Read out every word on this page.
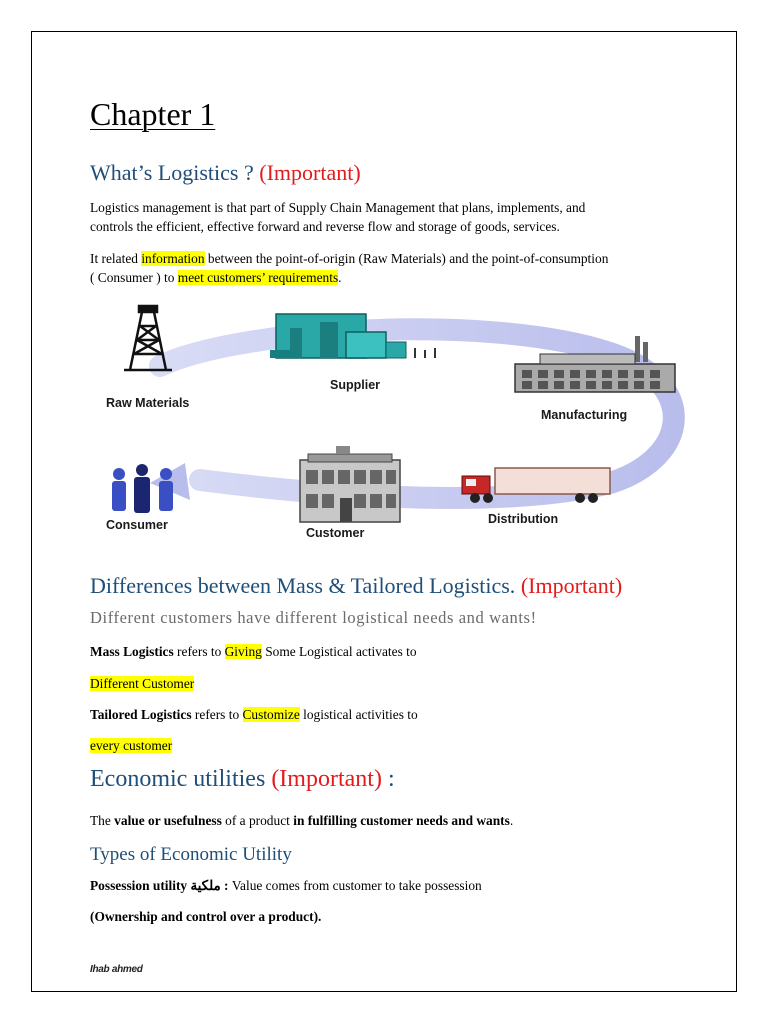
Chapter 1
What’s Logistics ? (Important)
Logistics management is that part of Supply Chain Management that plans, implements, and
controls the efficient, effective forward and reverse flow and storage of goods, services.
It related information between the point-of-origin (Raw Materials) and the point-of-consumption
( Consumer ) to meet customers’ requirements.
Raw Materials
Supplier
Manufacturing
Distribution
Customer
Consumer
Differences between Mass & Tailored Logistics. (Important)
Different customers have different logistical needs and wants!
Mass Logistics refers to Giving Some Logistical activates to
Different Customer
Tailored Logistics refers to Customize logistical activities to
every customer
Economic utilities (Important) :
The value or usefulness of a product in fulfilling customer needs and wants.
Types of Economic Utility
Possession utility ملكية : Value comes from customer to take possession
(Ownership and control over a product).
Ihab ahmed
